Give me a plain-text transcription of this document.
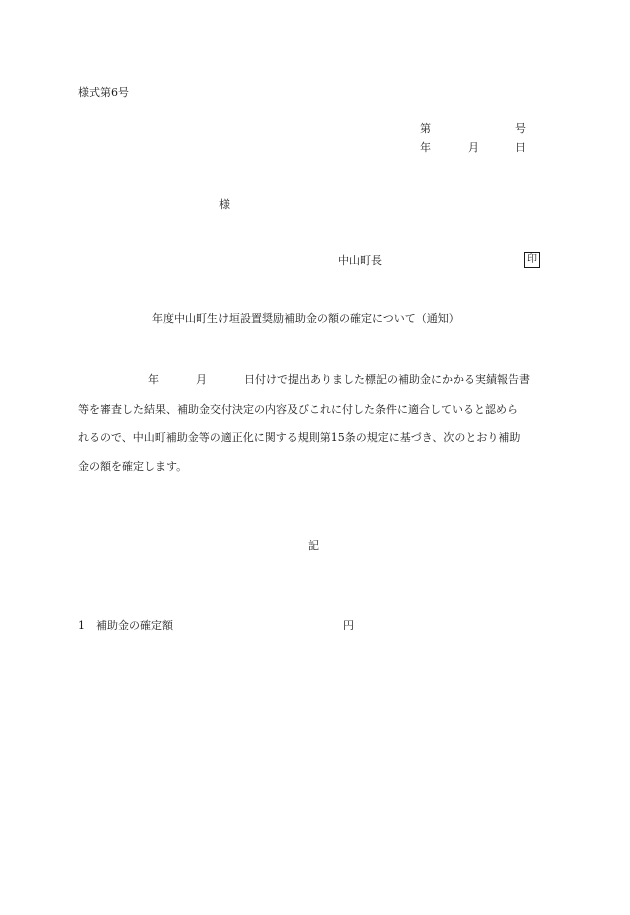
様式第6号
第	号
年	月	日
様
中山町長	印
年度中山町生け垣設置奨励補助金の額の確定について（通知）
年	月	日付けで提出ありました標記の補助金にかかる実績報告書
等を審査した結果、補助金交付決定の内容及びこれに付した条件に適合していると認めら
れるので、中山町補助金等の適正化に関する規則第15条の規定に基づき、次のとおり補助
金の額を確定します。
記
1 補助金の確定額	円
